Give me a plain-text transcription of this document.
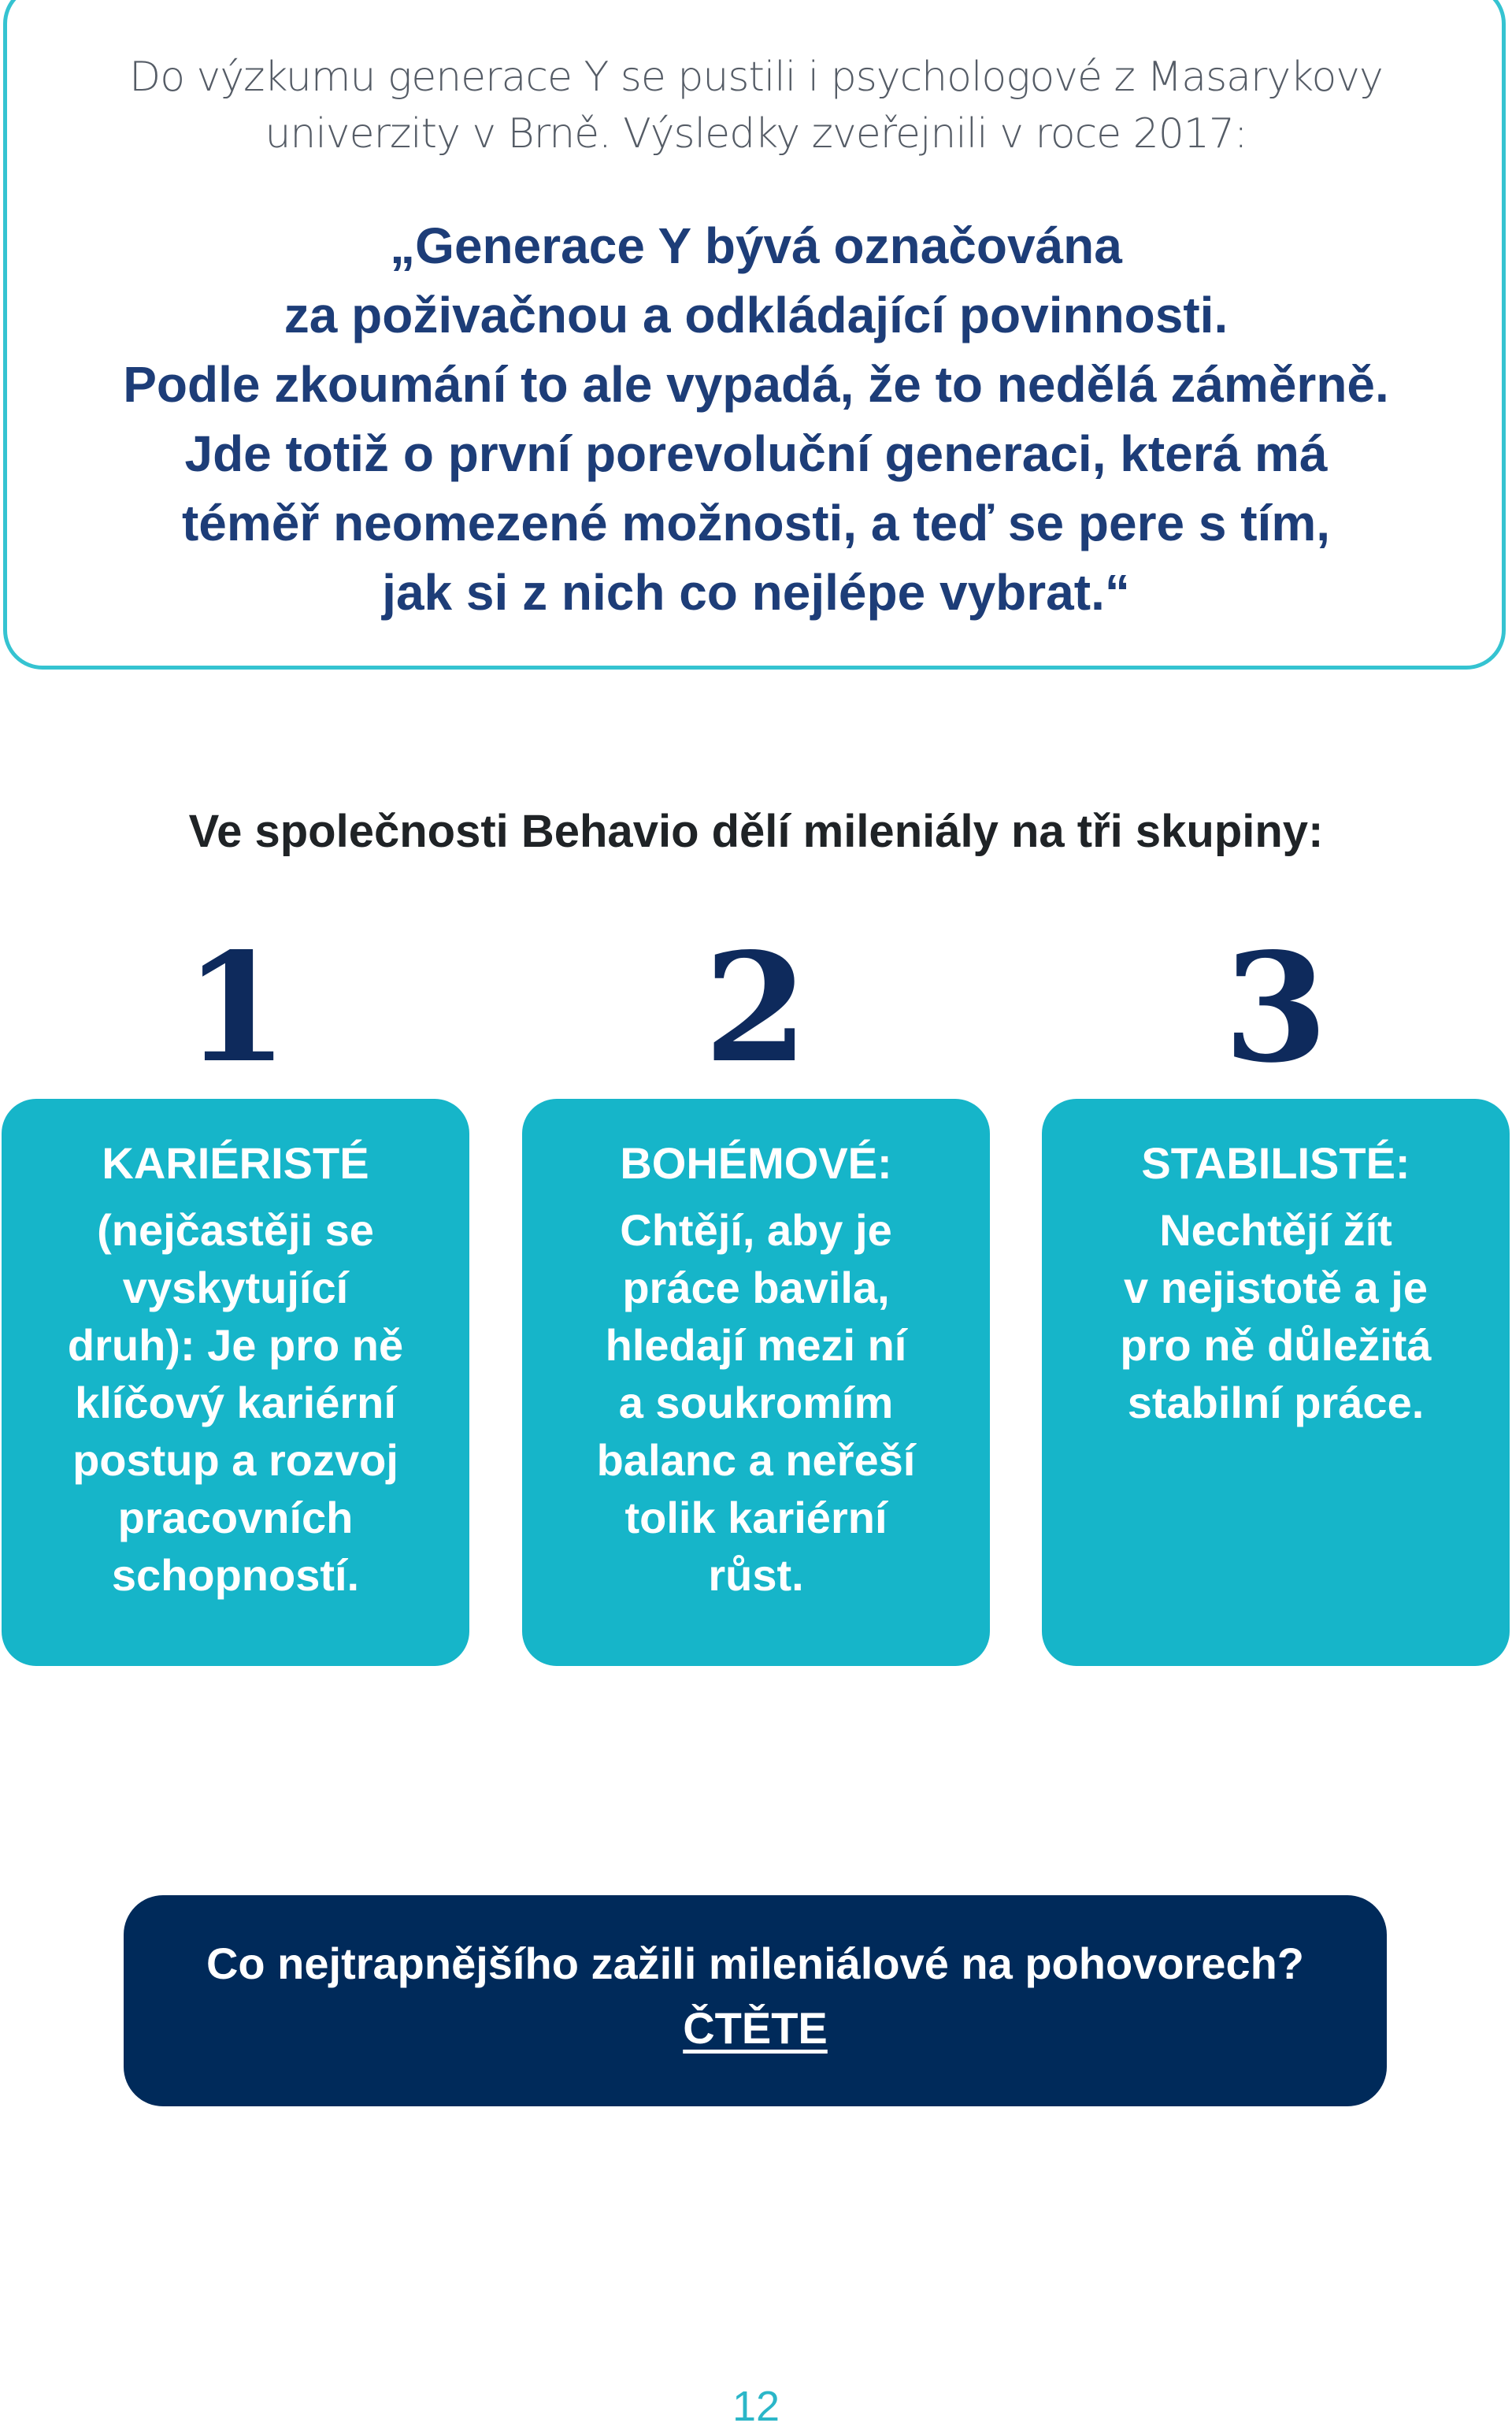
Do výzkumu generace Y se pustili i psychologové z Masarykovy
univerzity v Brně. Výsledky zveřejnili v roce 2017:
„Generace Y bývá označována
za poživačnou a odkládající povinnosti.
Podle zkoumání to ale vypadá, že to nedělá záměrně.
Jde totiž o první porevoluční generaci, která má
téměř neomezené možnosti, a teď se pere s tím,
jak si z nich co nejlépe vybrat.“
Ve společnosti Behavio dělí mileniály na tři skupiny:
1	2	3
KARIÉRISTÉ
(nejčastěji se
vyskytující
druh): Je pro ně
klíčový kariérní
postup a rozvoj
pracovních
schopností.
BOHÉMOVÉ:
Chtějí, aby je
práce bavila,
hledají mezi ní
a soukromím
balanc a neřeší
tolik kariérní
růst.
STABILISTÉ:
Nechtějí žít
v nejistotě a je
pro ně důležitá
stabilní práce.
Co nejtrapnějšího zažili mileniálové na pohovorech?
ČTĚTE
12
